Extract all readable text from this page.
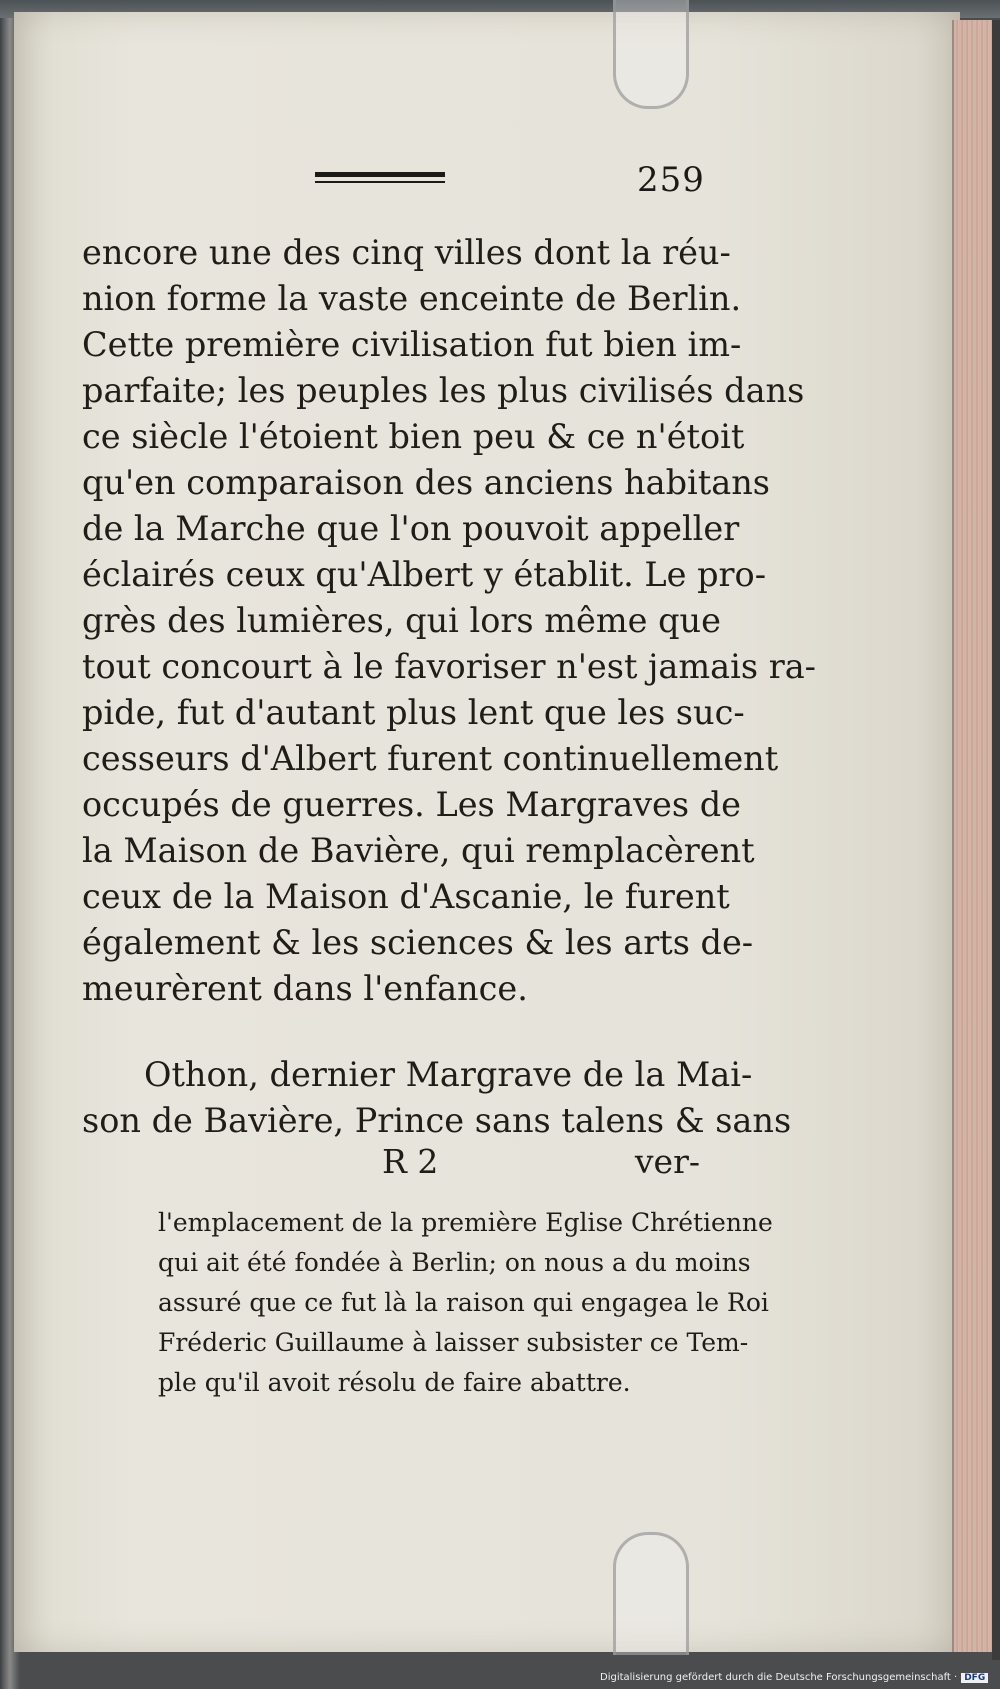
259
encore une des cinq villes dont la réu-
nion forme la vaste enceinte de Berlin.
Cette première civilisation fut bien im-
parfaite; les peuples les plus civilisés dans
ce siècle l'étoient bien peu & ce n'étoit
qu'en comparaison des anciens habitans
de la Marche que l'on pouvoit appeller
éclairés ceux qu'Albert y établit. Le pro-
grès des lumières, qui lors même que
tout concourt à le favoriser n'est jamais ra-
pide, fut d'autant plus lent que les suc-
cesseurs d'Albert furent continuellement
occupés de guerres. Les Margraves de
la Maison de Bavière, qui remplacèrent
ceux de la Maison d'Ascanie, le furent
également & les sciences & les arts de-
meurèrent dans l'enfance.
Othon, dernier Margrave de la Mai-
son de Bavière, Prince sans talens & sans
R 2	ver-
l'emplacement de la première Eglise Chrétienne
qui ait été fondée à Berlin; on nous a du moins
assuré que ce fut là la raison qui engagea le Roi
Fréderic Guillaume à laisser subsister ce Tem-
ple qu'il avoit résolu de faire abattre.
Digitalisierung gefördert durch die Deutsche Forschungsgemeinschaft · DFG
